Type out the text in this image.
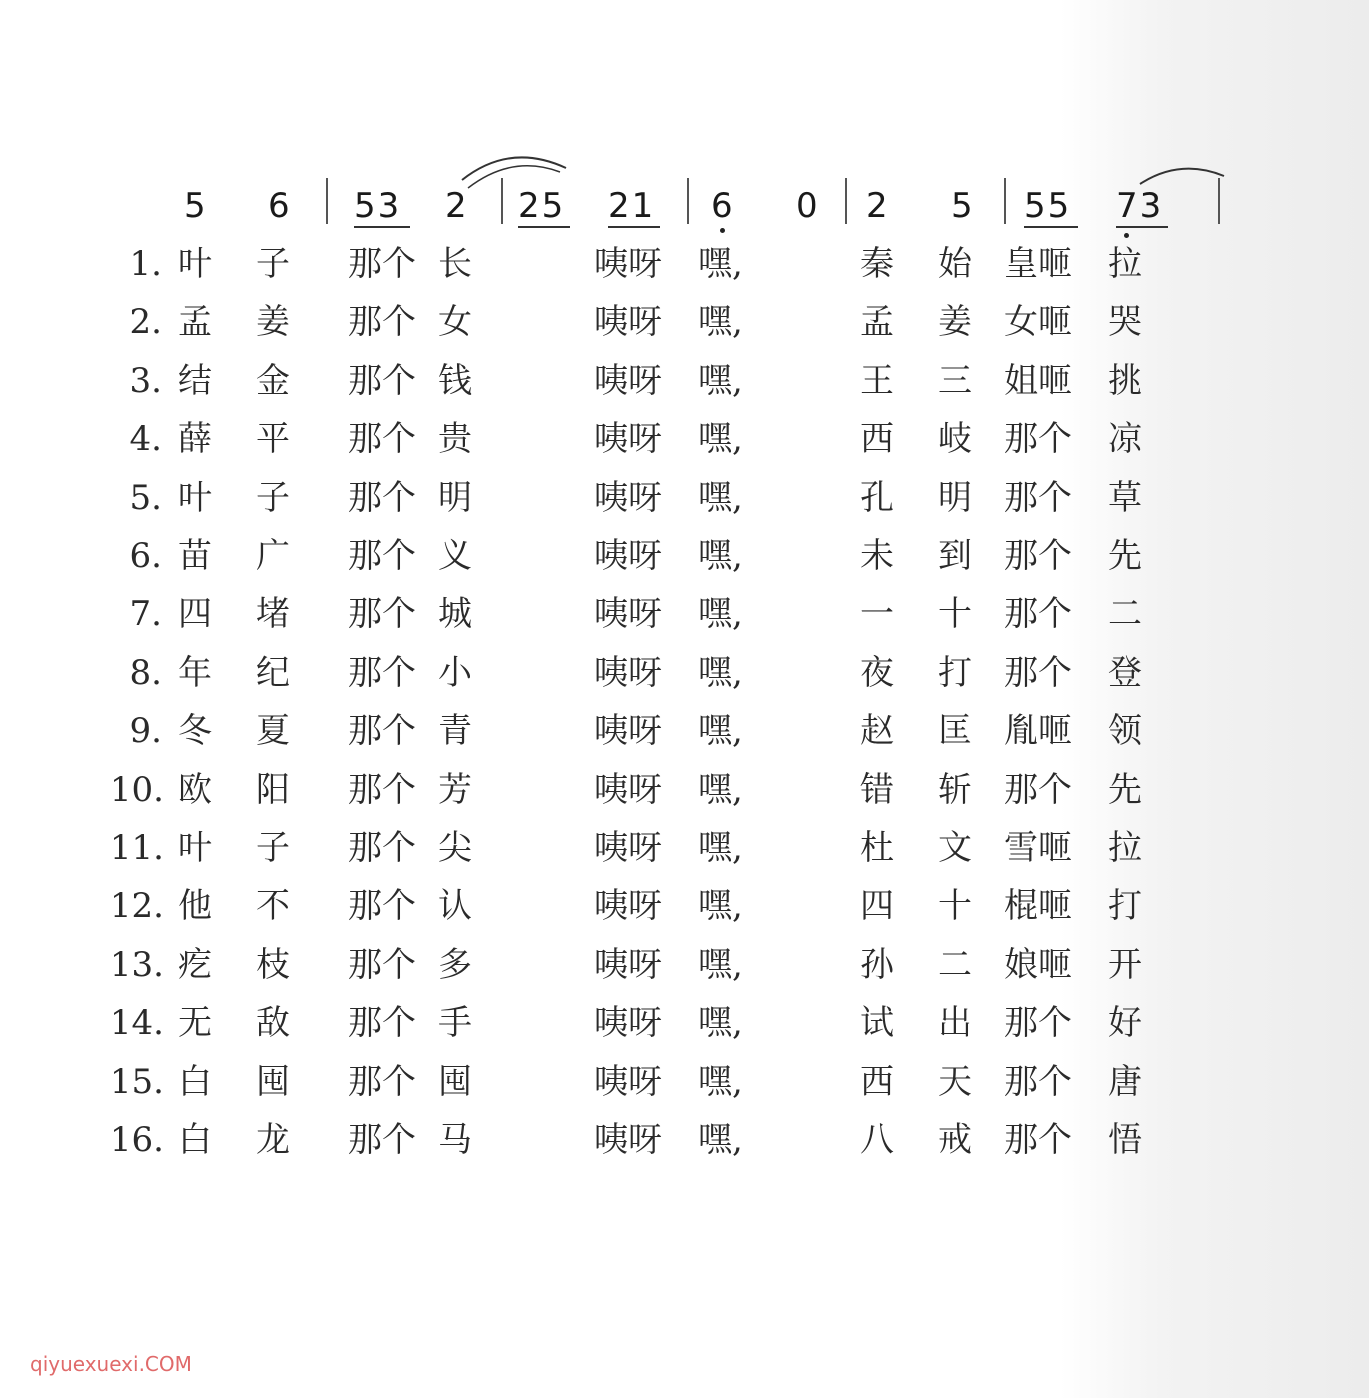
5 6 53 2 25 21 6 0 2 5 55 73
1. 叶 子 那个 长	咦呀 嘿,	秦 始 皇咂 拉
2. 孟 姜 那个 女	咦呀 嘿,	孟 姜 女咂 哭
3. 结 金 那个 钱	咦呀 嘿,	王 三 姐咂 挑
4. 薛 平 那个 贵	咦呀 嘿,	西 岐 那个 凉
5. 叶 子 那个 明	咦呀 嘿,	孔 明 那个 草
6. 苗 广 那个 义	咦呀 嘿,	未 到 那个 先
7. 四 堵 那个 城	咦呀 嘿,	一 十 那个 二
8. 年 纪 那个 小	咦呀 嘿,	夜 打 那个 登
9. 冬 夏 那个 青	咦呀 嘿,	赵 匡 胤咂 领
10. 欧 阳 那个 芳	咦呀 嘿,	错 斩 那个 先
11. 叶 子 那个 尖	咦呀 嘿,	杜 文 雪咂 拉
12. 他 不 那个 认	咦呀 嘿,	四 十 棍咂 打
13. 疙 枝 那个 多	咦呀 嘿,	孙 二 娘咂 开
14. 无 敌 那个 手	咦呀 嘿,	试 出 那个 好
15. 白 囤 那个 囤	咦呀 嘿,	西 天 那个 唐
16. 白 龙 那个 马	咦呀 嘿,	八 戒 那个 悟
qiyuexuexi.COM
